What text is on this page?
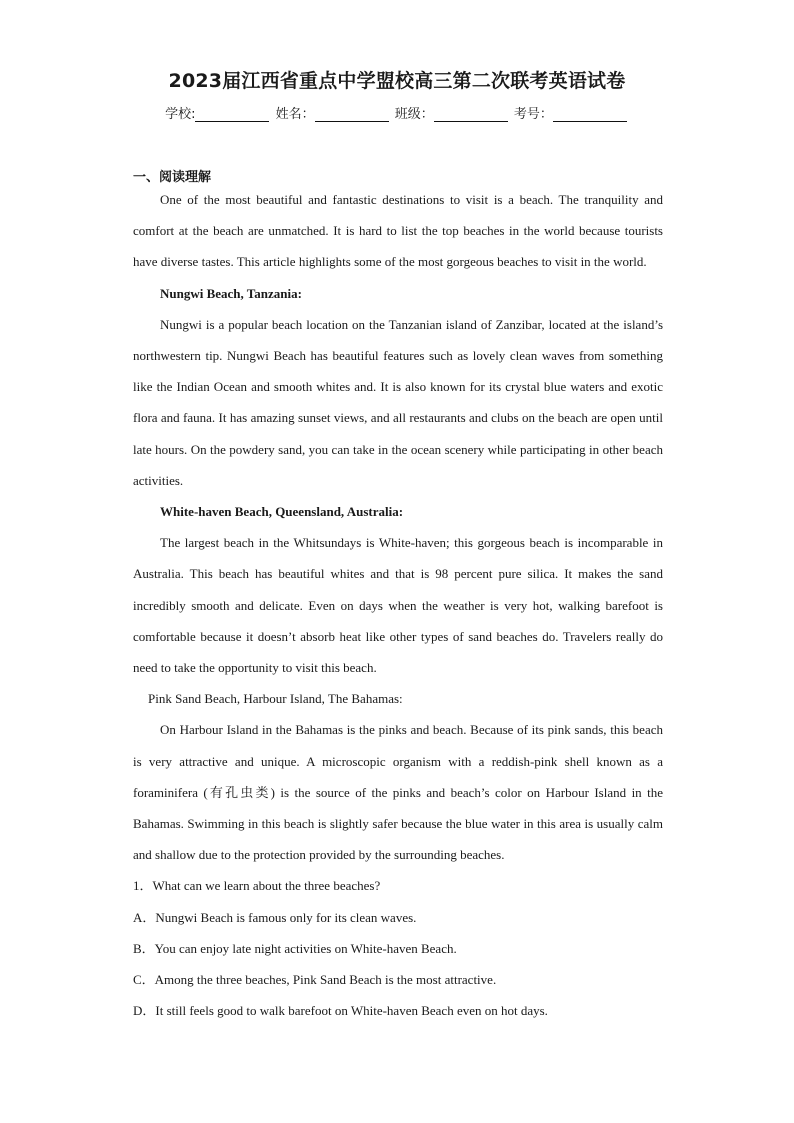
2023届江西省重点中学盟校高三第二次联考英语试卷
学校:	姓名：	班级：	考号：
一、阅读理解

One of the most beautiful and fantastic destinations to visit is a beach. The tranquility and comfort at the beach are unmatched. It is hard to list the top beaches in the world because tourists have diverse tastes. This article highlights some of the most gorgeous beaches to visit in the world.

Nungwi Beach, Tanzania:

Nungwi is a popular beach location on the Tanzanian island of Zanzibar, located at the island’s northwestern tip. Nungwi Beach has beautiful features such as lovely clean waves from something like the Indian Ocean and smooth whites and. It is also known for its crystal blue waters and exotic flora and fauna. It has amazing sunset views, and all restaurants and clubs on the beach are open until late hours. On the powdery sand, you can take in the ocean scenery while participating in other beach activities.

White-haven Beach, Queensland, Australia:

The largest beach in the Whitsundays is White-haven; this gorgeous beach is incomparable in Australia. This beach has beautiful whites and that is 98 percent pure silica. It makes the sand incredibly smooth and delicate. Even on days when the weather is very hot, walking barefoot is comfortable because it doesn’t absorb heat like other types of sand beaches do. Travelers really do need to take the opportunity to visit this beach.

Pink Sand Beach, Harbour Island, The Bahamas:

On Harbour Island in the Bahamas is the pinks and beach. Because of its pink sands, this beach is very attractive and unique. A microscopic organism with a reddish-pink shell known as a foraminifera (有孔虫类) is the source of the pinks and beach’s color on Harbour Island in the Bahamas. Swimming in this beach is slightly safer because the blue water in this area is usually calm and shallow due to the protection provided by the surrounding beaches.

1．What can we learn about the three beaches?

A．Nungwi Beach is famous only for its clean waves.

B．You can enjoy late night activities on White-haven Beach.

C．Among the three beaches, Pink Sand Beach is the most attractive.

D．It still feels good to walk barefoot on White-haven Beach even on hot days.
